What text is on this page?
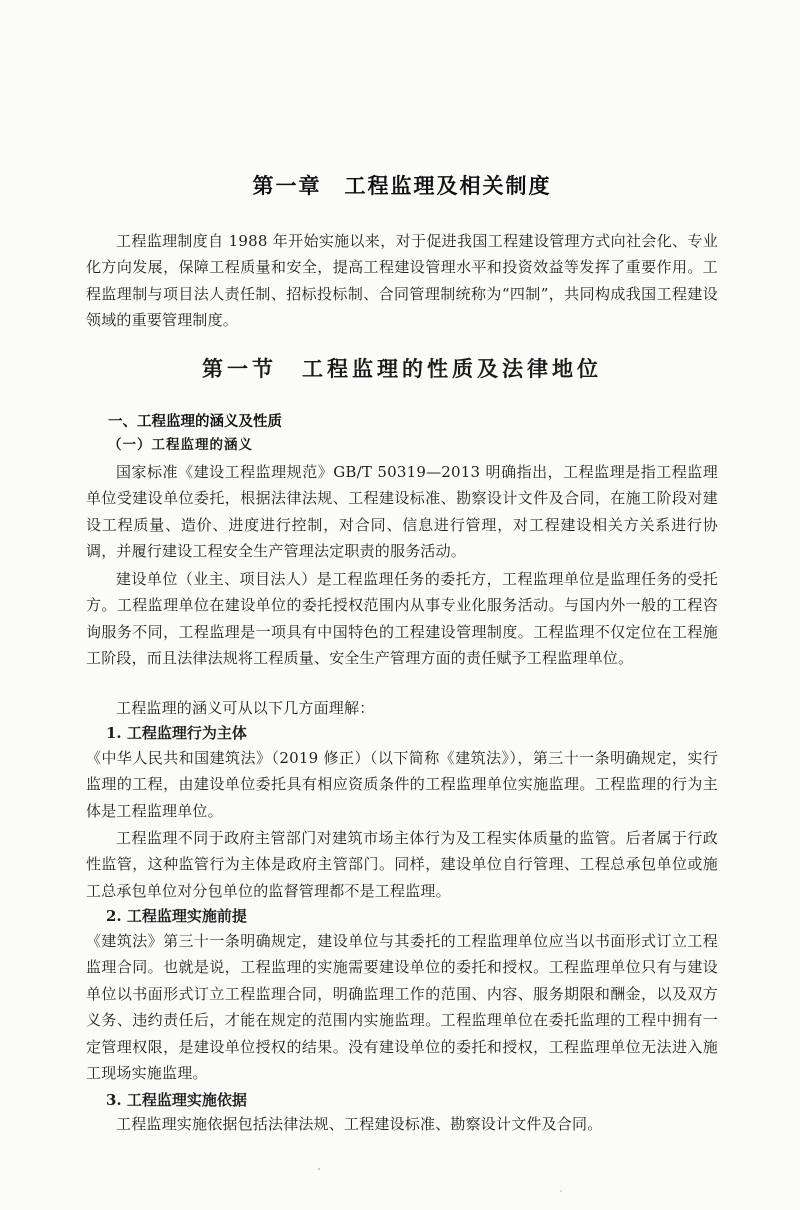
第一章　工程监理及相关制度

工程监理制度自 1988 年开始实施以来，对于促进我国工程建设管理方式向社会化、专业化方向发展，保障工程质量和安全，提高工程建设管理水平和投资效益等发挥了重要作用。工程监理制与项目法人责任制、招标投标制、合同管理制统称为“四制”，共同构成我国工程建设领域的重要管理制度。

第一节　工程监理的性质及法律地位
一、工程监理的涵义及性质
（一）工程监理的涵义

国家标准《建设工程监理规范》GB/T 50319—2013 明确指出，工程监理是指工程监理单位受建设单位委托，根据法律法规、工程建设标准、勘察设计文件及合同，在施工阶段对建设工程质量、造价、进度进行控制，对合同、信息进行管理，对工程建设相关方关系进行协调，并履行建设工程安全生产管理法定职责的服务活动。

建设单位（业主、项目法人）是工程监理任务的委托方，工程监理单位是监理任务的受托方。工程监理单位在建设单位的委托授权范围内从事专业化服务活动。与国内外一般的工程咨询服务不同，工程监理是一项具有中国特色的工程建设管理制度。工程监理不仅定位在工程施工阶段，而且法律法规将工程质量、安全生产管理方面的责任赋予工程监理单位。

工程监理的涵义可从以下几方面理解：

1. 工程监理行为主体

《中华人民共和国建筑法》（2019 修正）（以下简称《建筑法》），第三十一条明确规定，实行监理的工程，由建设单位委托具有相应资质条件的工程监理单位实施监理。工程监理的行为主体是工程监理单位。

工程监理不同于政府主管部门对建筑市场主体行为及工程实体质量的监管。后者属于行政性监管，这种监管行为主体是政府主管部门。同样，建设单位自行管理、工程总承包单位或施工总承包单位对分包单位的监督管理都不是工程监理。

2. 工程监理实施前提

《建筑法》第三十一条明确规定，建设单位与其委托的工程监理单位应当以书面形式订立工程监理合同。也就是说，工程监理的实施需要建设单位的委托和授权。工程监理单位只有与建设单位以书面形式订立工程监理合同，明确监理工作的范围、内容、服务期限和酬金，以及双方义务、违约责任后，才能在规定的范围内实施监理。工程监理单位在委托监理的工程中拥有一定管理权限，是建设单位授权的结果。没有建设单位的委托和授权，工程监理单位无法进入施工现场实施监理。

3. 工程监理实施依据

工程监理实施依据包括法律法规、工程建设标准、勘察设计文件及合同。
